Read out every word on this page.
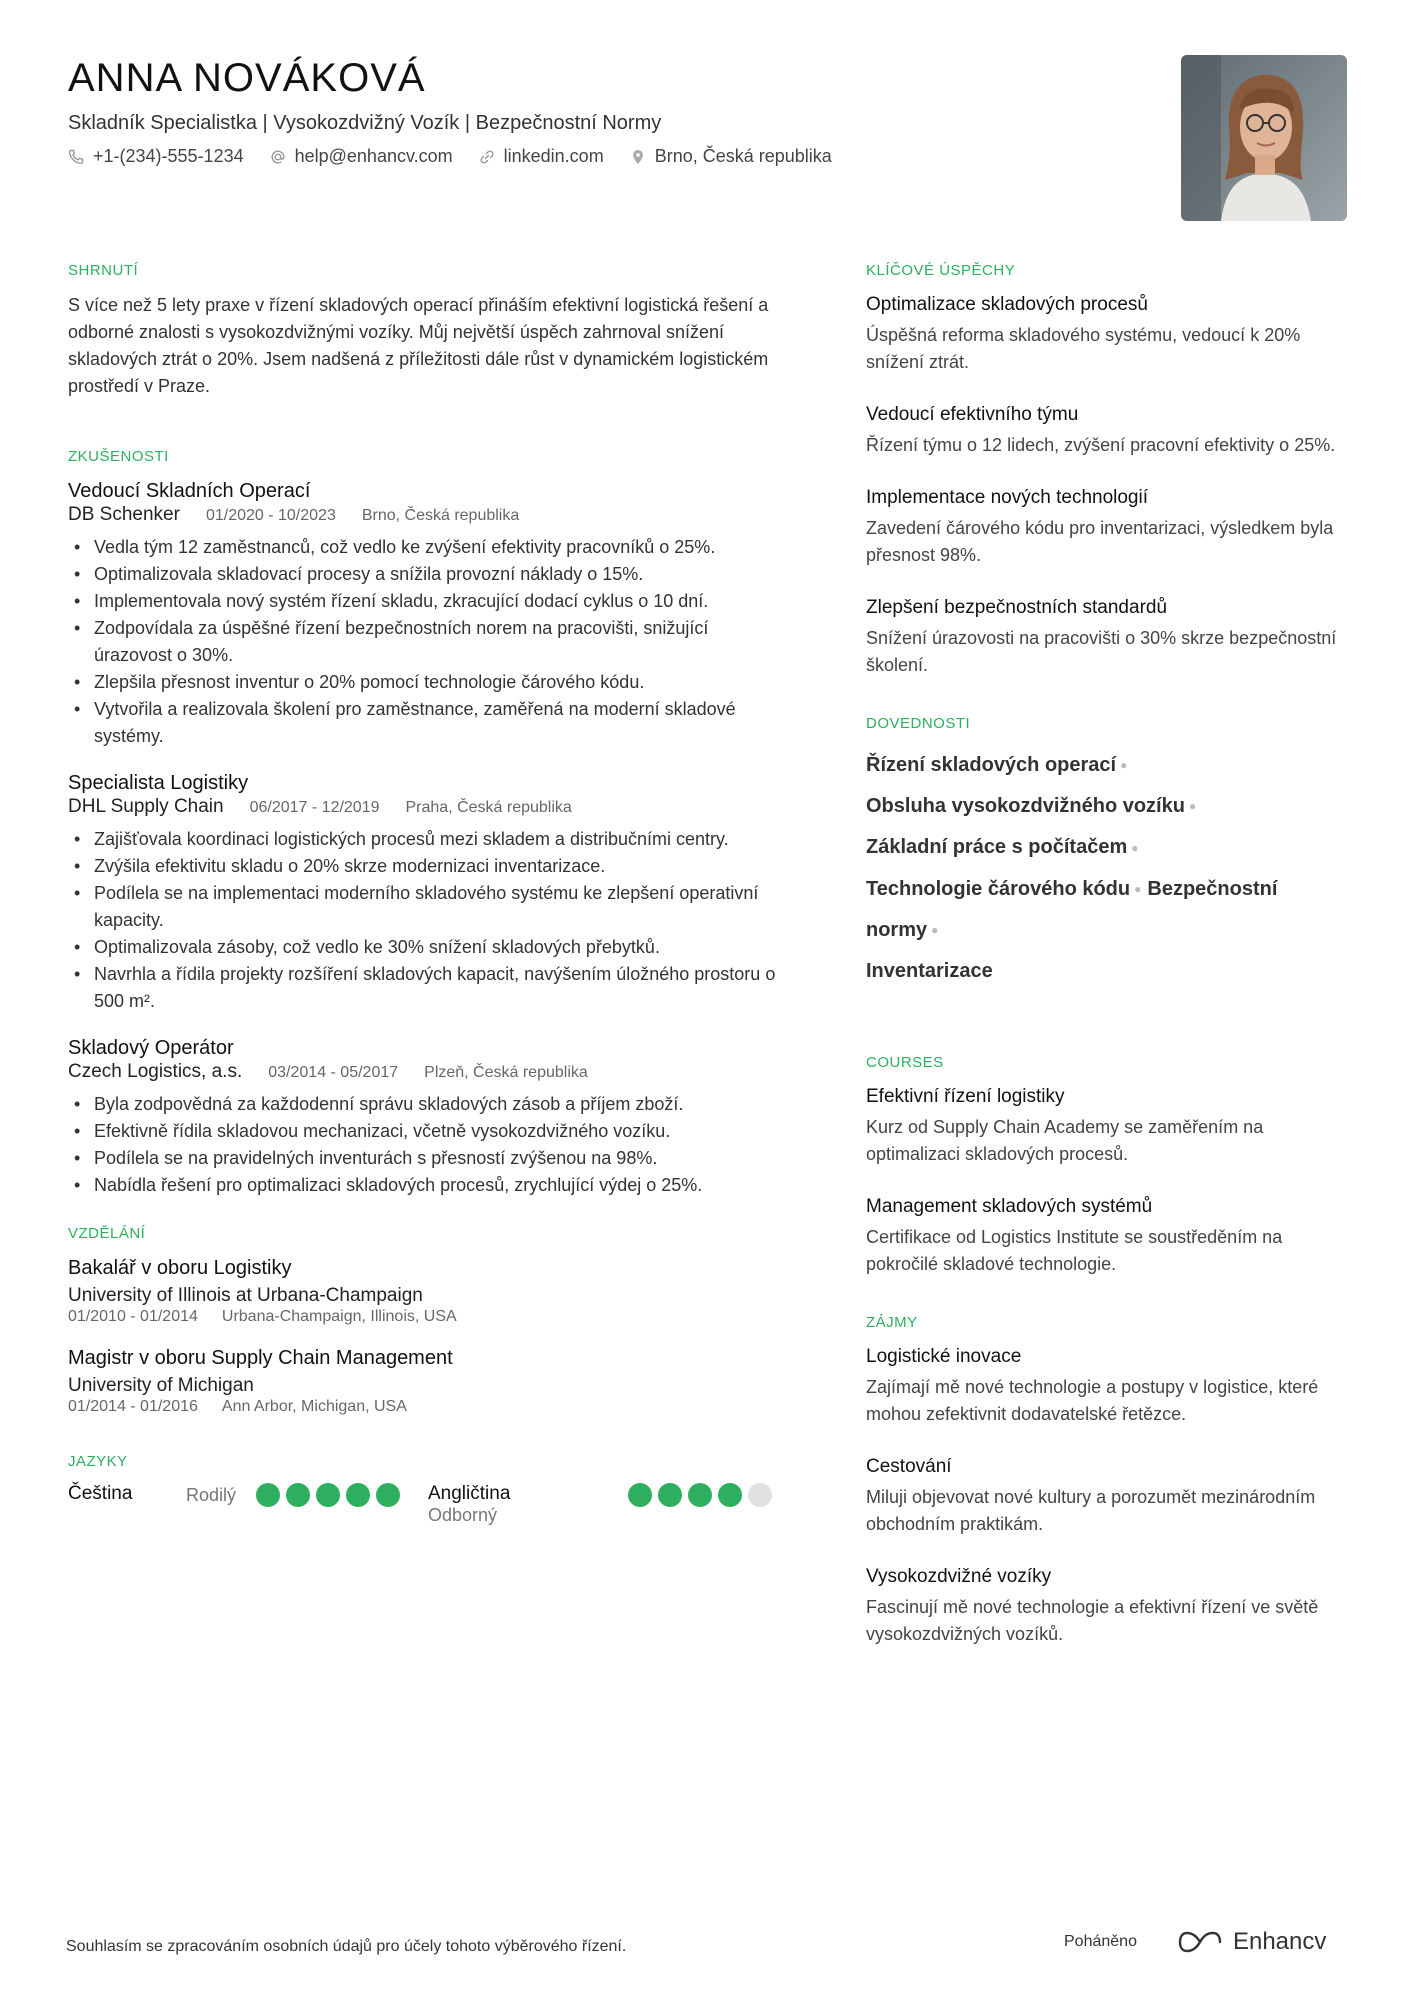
ANNA NOVÁKOVÁ
Skladník Specialistka | Vysokozdvižný Vozík | Bezpečnostní Normy
+1-(234)-555-1234	help@enhancv.com	linkedin.com	Brno, Česká republika
SHRNUTÍ
S více než 5 lety praxe v řízení skladových operací přináším efektivní logistická řešení a odborné znalosti s vysokozdvižnými vozíky. Můj největší úspěch zahrnoval snížení skladových ztrát o 20%. Jsem nadšená z příležitosti dále růst v dynamickém logistickém prostředí v Praze.
ZKUŠENOSTI
Vedoucí Skladních Operací
DB Schenker 01/2020 - 10/2023 Brno, Česká republika
• Vedla tým 12 zaměstnanců, což vedlo ke zvýšení efektivity pracovníků o 25%.
• Optimalizovala skladovací procesy a snížila provozní náklady o 15%.
• Implementovala nový systém řízení skladu, zkracující dodací cyklus o 10 dní.
• Zodpovídala za úspěšné řízení bezpečnostních norem na pracovišti, snižující úrazovost o 30%.
• Zlepšila přesnost inventur o 20% pomocí technologie čárového kódu.
• Vytvořila a realizovala školení pro zaměstnance, zaměřená na moderní skladové systémy.
Specialista Logistiky
DHL Supply Chain 06/2017 - 12/2019 Praha, Česká republika
• Zajišťovala koordinaci logistických procesů mezi skladem a distribučními centry.
• Zvýšila efektivitu skladu o 20% skrze modernizaci inventarizace.
• Podílela se na implementaci moderního skladového systému ke zlepšení operativní kapacity.
• Optimalizovala zásoby, což vedlo ke 30% snížení skladových přebytků.
• Navrhla a řídila projekty rozšíření skladových kapacit, navýšením úložného prostoru o 500 m².
Skladový Operátor
Czech Logistics, a.s. 03/2014 - 05/2017 Plzeň, Česká republika
• Byla zodpovědná za každodenní správu skladových zásob a příjem zboží.
• Efektivně řídila skladovou mechanizaci, včetně vysokozdvižného vozíku.
• Podílela se na pravidelných inventurách s přesností zvýšenou na 98%.
• Nabídla řešení pro optimalizaci skladových procesů, zrychlující výdej o 25%.
VZDĚLÁNÍ
Bakalář v oboru Logistiky
University of Illinois at Urbana-Champaign
01/2010 - 01/2014 Urbana-Champaign, Illinois, USA
Magistr v oboru Supply Chain Management
University of Michigan
01/2014 - 01/2016 Ann Arbor, Michigan, USA
JAZYKY
Čeština	Rodilý	Angličtina
Odborný
KLÍČOVÉ ÚSPĚCHY
Optimalizace skladových procesů
Úspěšná reforma skladového systému, vedoucí k 20% snížení ztrát.
Vedoucí efektivního týmu
Řízení týmu o 12 lidech, zvýšení pracovní efektivity o 25%.
Implementace nových technologií
Zavedení čárového kódu pro inventarizaci, výsledkem byla přesnost 98%.
Zlepšení bezpečnostních standardů
Snížení úrazovosti na pracovišti o 30% skrze bezpečnostní školení.
DOVEDNOSTI
Řízení skladových operací ●
Obsluha vysokozdvižného vozíku ●
Základní práce s počítačem ●
Technologie čárového kódu ● Bezpečnostní normy ●
Inventarizace
COURSES
Efektivní řízení logistiky
Kurz od Supply Chain Academy se zaměřením na optimalizaci skladových procesů.
Management skladových systémů
Certifikace od Logistics Institute se soustředěním na pokročilé skladové technologie.
ZÁJMY
Logistické inovace
Zajímají mě nové technologie a postupy v logistice, které mohou zefektivnit dodavatelské řetězce.
Cestování
Miluji objevovat nové kultury a porozumět mezinárodním obchodním praktikám.
Vysokozdvižné vozíky
Fascinují mě nové technologie a efektivní řízení ve světě vysokozdvižných vozíků.
Souhlasím se zpracováním osobních údajů pro účely tohoto výběrového řízení.	Poháněno	Enhancv
